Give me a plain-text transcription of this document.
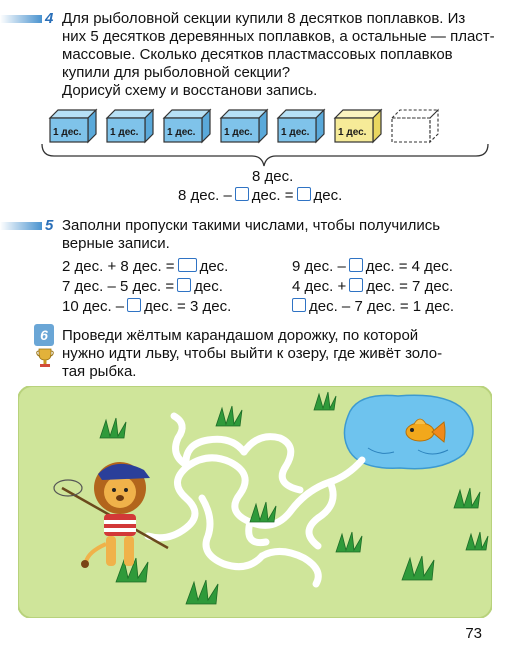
4 Для рыболовной секции купили 8 десятков поплавков. Из
них 5 десятков деревянных поплавков, а остальные — пласт-
массовые. Сколько десятков пластмассовых поплавков
купили для рыболовной секции?
Дорисуй схему и восстанови запись.
1 дес.	1 дес.	1 дес.	1 дес.	1 дес.	1 дес.
8 дес.
8 дес. – дес. = дес.
5 Заполни пропуски такими числами, чтобы получились
верные записи.
2 дес. + 8 дес. = дес.
7 дес. – 5 дес. = дес.
10 дес. – дес. = 3 дес.
9 дес. – дес. = 4 дес.
4 дес. + дес. = 7 дес.
дес. – 7 дес. = 1 дес.
6 Проведи жёлтым карандашом дорожку, по которой
нужно идти льву, чтобы выйти к озеру, где живёт золо-
тая рыбка.
73
